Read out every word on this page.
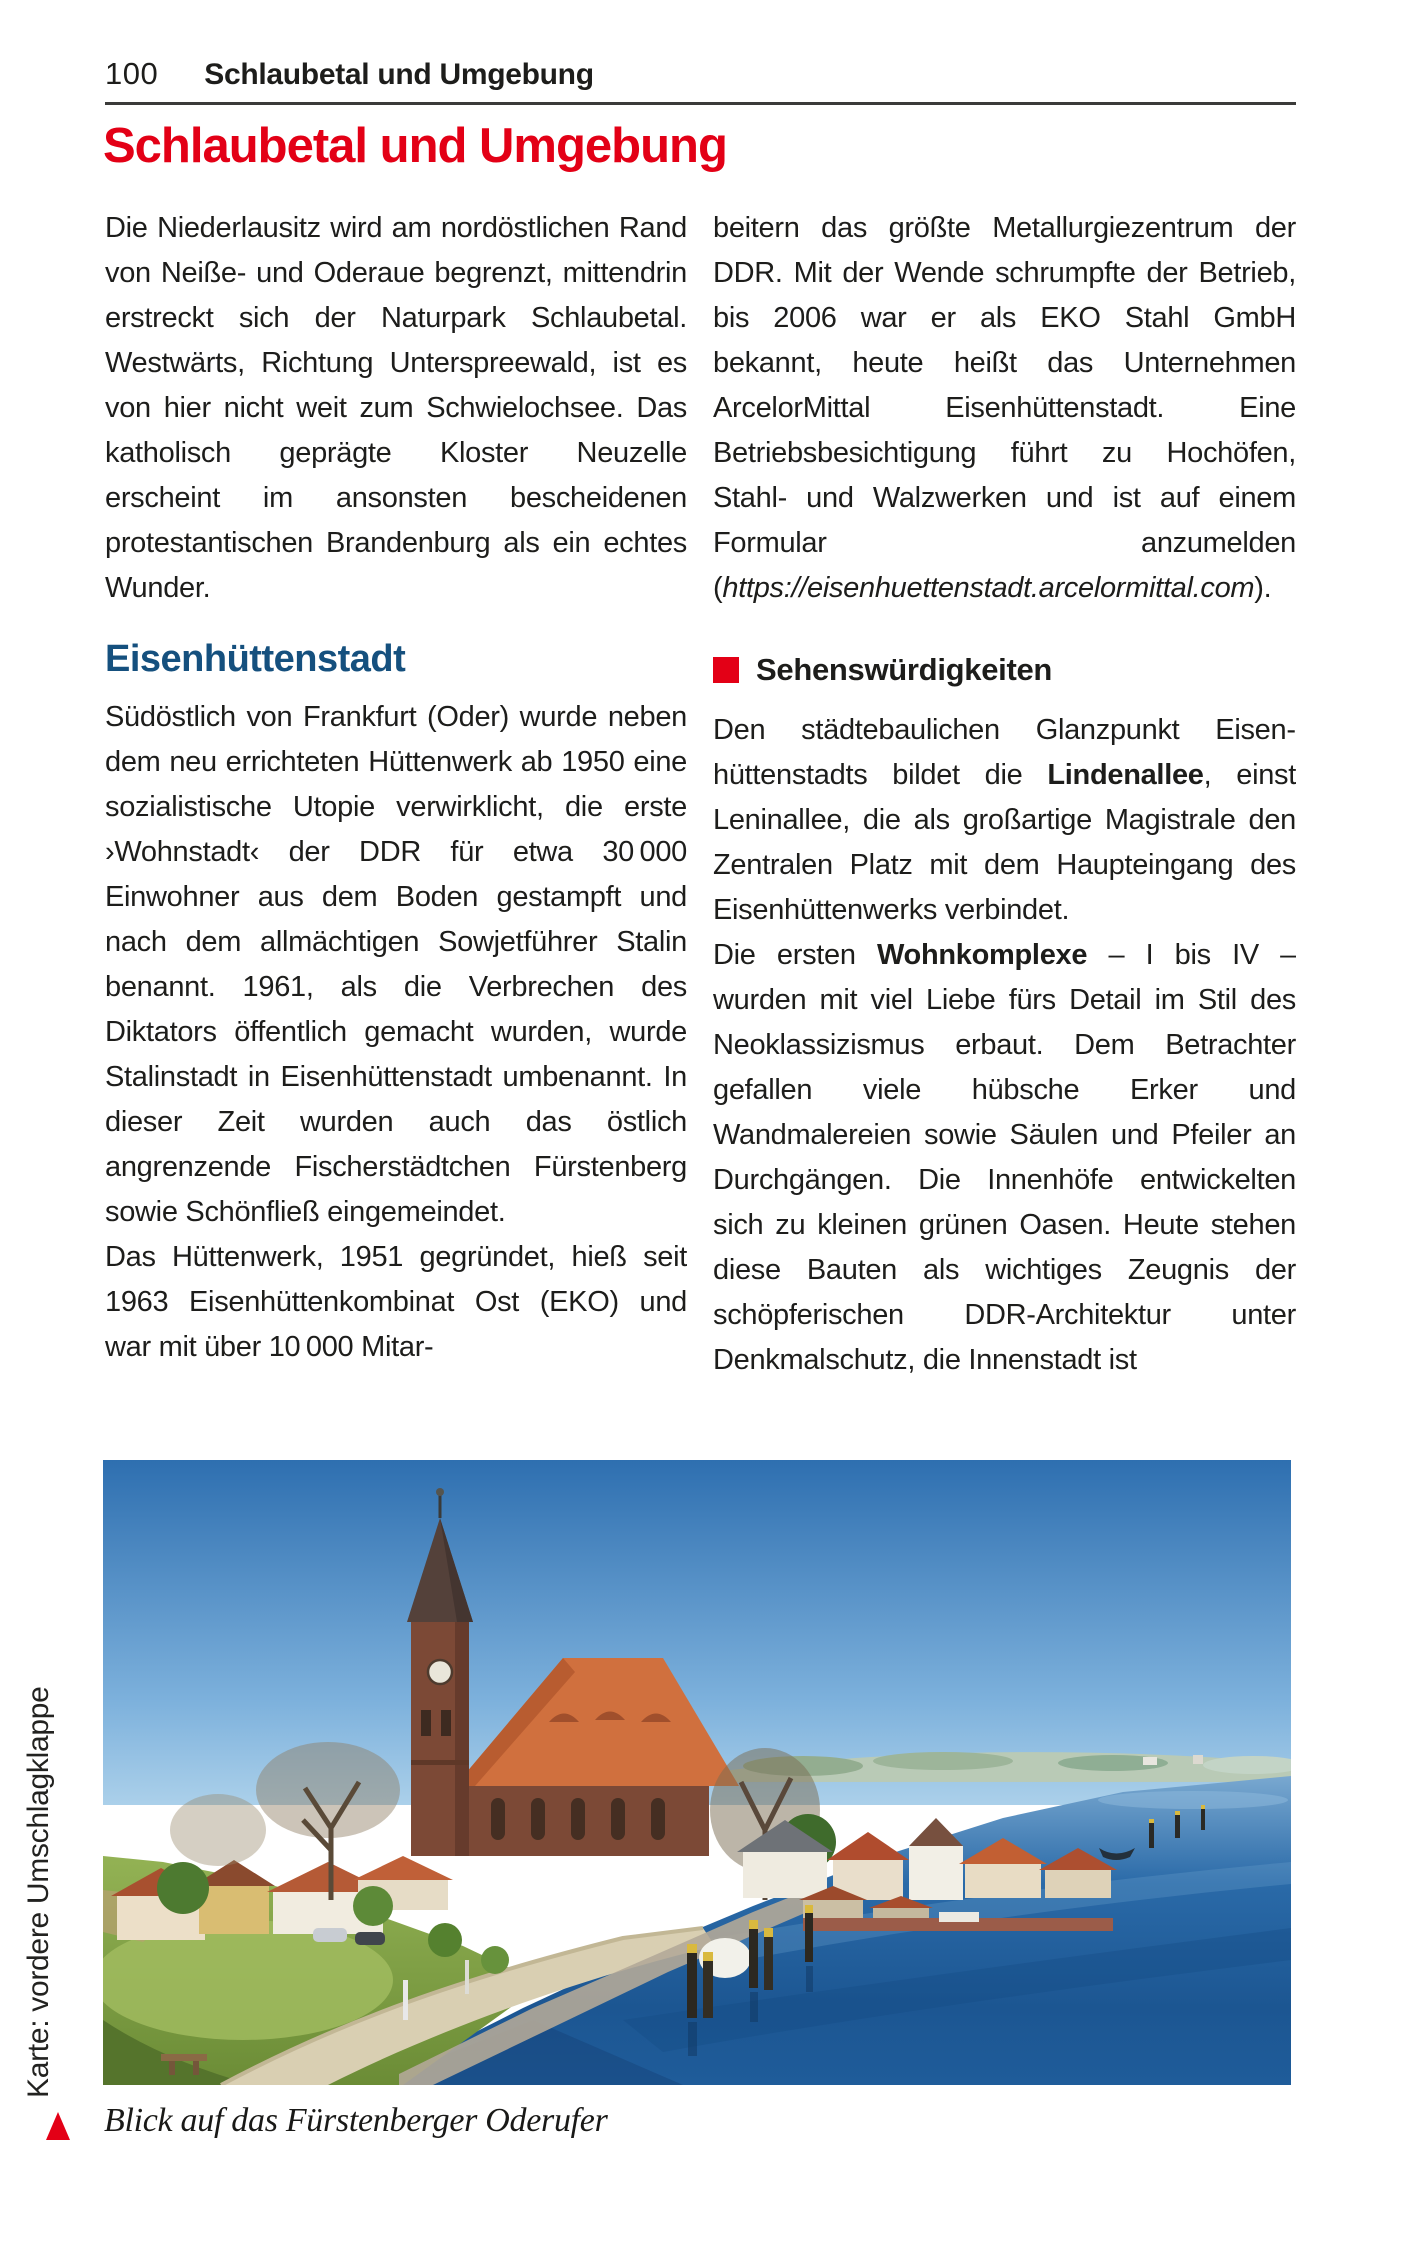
100 Schlaubetal und Umgebung
Schlaubetal und Umgebung
Die Niederlausitz wird am nordöstlichen Rand von Neiße- und Oderaue begrenzt, mittendrin erstreckt sich der Naturpark Schlaubetal. Westwärts, Richtung Unterspreewald, ist es von hier nicht weit zum Schwielochsee. Das katholisch geprägte Kloster Neuzelle erscheint im ansonsten bescheidenen protestantischen Brandenburg als ein echtes Wunder.
Eisenhüttenstadt
Südöstlich von Frankfurt (Oder) wurde neben dem neu errichteten Hüttenwerk ab 1950 eine sozialistische Utopie verwirklicht, die erste ›Wohnstadt‹ der DDR für etwa 30 000 Einwohner aus dem Boden gestampft und nach dem allmächtigen Sowjetführer Stalin benannt. 1961, als die Verbrechen des Diktators öffentlich gemacht wurden, wurde Stalinstadt in Eisenhüttenstadt umbenannt. In dieser Zeit wurden auch das östlich angrenzende Fischerstädtchen Fürstenberg sowie Schönfließ eingemeindet.
Das Hüttenwerk, 1951 gegründet, hieß seit 1963 Eisenhüttenkombinat Ost (EKO) und war mit über 10 000 Mitar-
beitern das größte Metallurgiezentrum der DDR. Mit der Wende schrumpfte der Betrieb, bis 2006 war er als EKO Stahl GmbH bekannt, heute heißt das Unternehmen ArcelorMittal Eisenhüttenstadt. Eine Betriebsbesichtigung führt zu Hochöfen, Stahl- und Walzwerken und ist auf einem Formular anzumelden (https://eisenhuettenstadt.arcelormittal.com).
Sehenswürdigkeiten
Den städtebaulichen Glanzpunkt Eisenhüttenstadts bildet die Lindenallee, einst Leninallee, die als großartige Magistrale den Zentralen Platz mit dem Haupteingang des Eisenhüttenwerks verbindet.
Die ersten Wohnkomplexe – I bis IV – wurden mit viel Liebe fürs Detail im Stil des Neoklassizismus erbaut. Dem Betrachter gefallen viele hübsche Erker und Wandmalereien sowie Säulen und Pfeiler an Durchgängen. Die Innenhöfe entwickelten sich zu kleinen grünen Oasen. Heute stehen diese Bauten als wichtiges Zeugnis der schöpferischen DDR-Architektur unter Denkmalschutz, die Innenstadt ist
Blick auf das Fürstenberger Oderufer
Karte: vordere Umschlagklappe
